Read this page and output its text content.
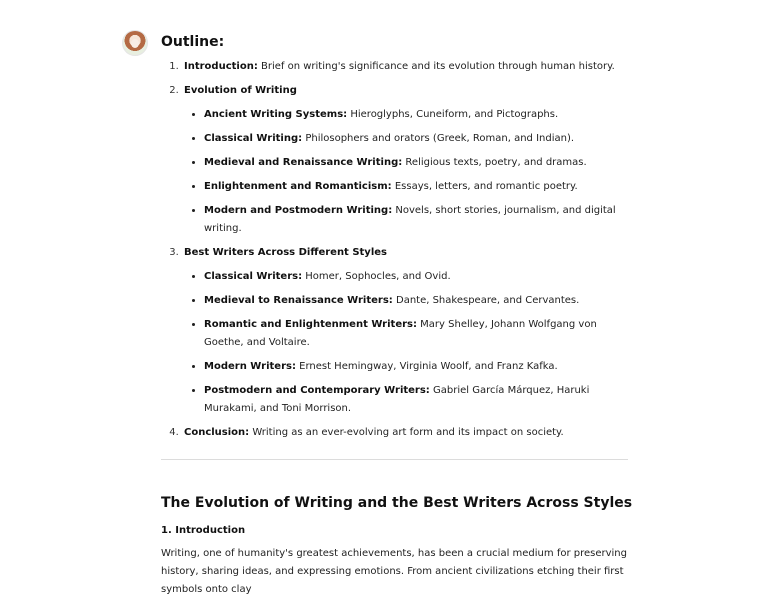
Outline:
1. Introduction: Brief on writing's significance and its evolution through human history.
2. Evolution of Writing
• Ancient Writing Systems: Hieroglyphs, Cuneiform, and Pictographs.
• Classical Writing: Philosophers and orators (Greek, Roman, and Indian).
• Medieval and Renaissance Writing: Religious texts, poetry, and dramas.
• Enlightenment and Romanticism: Essays, letters, and romantic poetry.
• Modern and Postmodern Writing: Novels, short stories, journalism, and digital writing.
3. Best Writers Across Different Styles
• Classical Writers: Homer, Sophocles, and Ovid.
• Medieval to Renaissance Writers: Dante, Shakespeare, and Cervantes.
• Romantic and Enlightenment Writers: Mary Shelley, Johann Wolfgang von Goethe, and Voltaire.
• Modern Writers: Ernest Hemingway, Virginia Woolf, and Franz Kafka.
• Postmodern and Contemporary Writers: Gabriel García Márquez, Haruki Murakami, and Toni Morrison.
4. Conclusion: Writing as an ever-evolving art form and its impact on society.
The Evolution of Writing and the Best Writers Across Styles
1. Introduction
Writing, one of humanity's greatest achievements, has been a crucial medium for preserving history, sharing ideas, and expressing emotions. From ancient civilizations etching their first symbols onto clay
